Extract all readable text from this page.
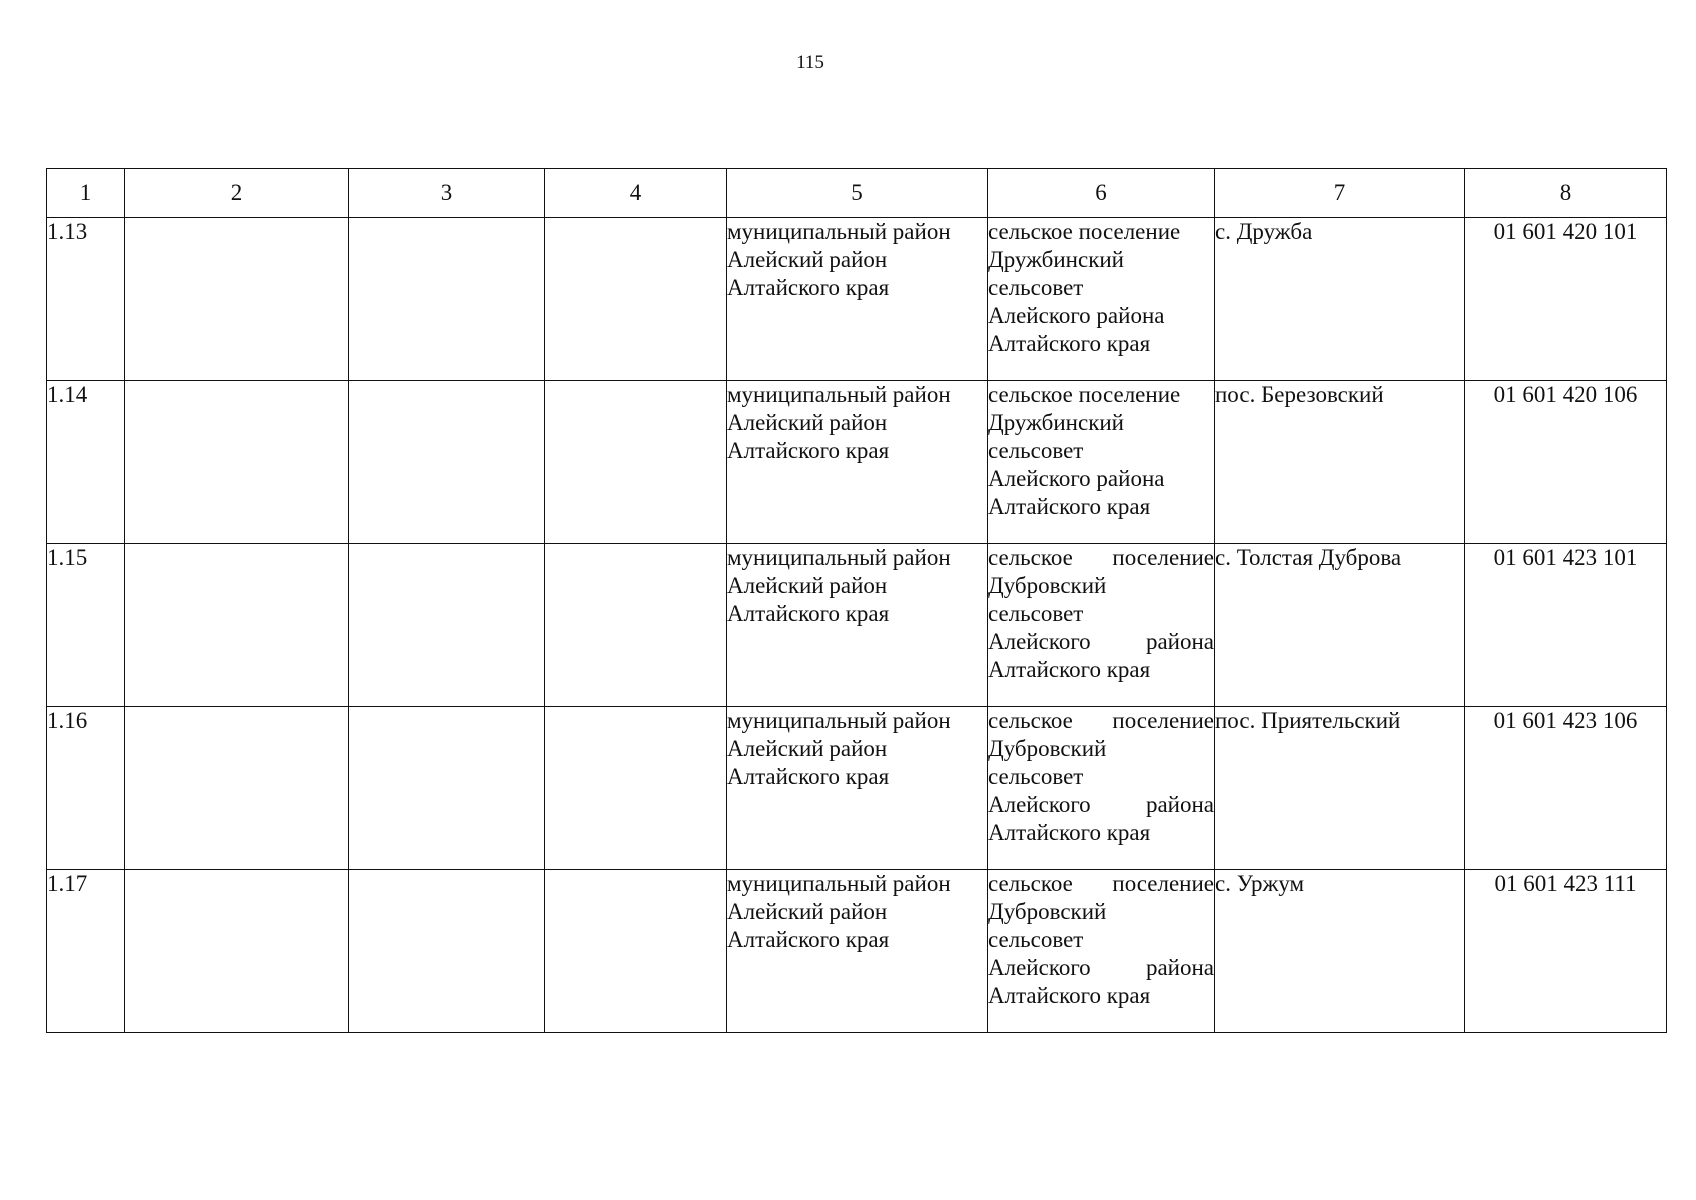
115
1	2	3	4	5	6	7	8
1.13				муниципальный район
Алейский район
Алтайского края	сельское поселение
Дружбинский
сельсовет
Алейского района
Алтайского края	с. Дружба	01 601 420 101
1.14				муниципальный район
Алейский район
Алтайского края	сельское поселение
Дружбинский
сельсовет
Алейского района
Алтайского края	пос. Березовский	01 601 420 106
1.15				муниципальный район
Алейский район
Алтайского края	сельское поселение
Дубровский
сельсовет
Алейского района
Алтайского края	с. Толстая Дуброва	01 601 423 101
1.16				муниципальный район
Алейский район
Алтайского края	сельское поселение
Дубровский
сельсовет
Алейского района
Алтайского края	пос. Приятельский	01 601 423 106
1.17				муниципальный район
Алейский район
Алтайского края	сельское поселение
Дубровский
сельсовет
Алейского района
Алтайского края	с. Уржум	01 601 423 111
